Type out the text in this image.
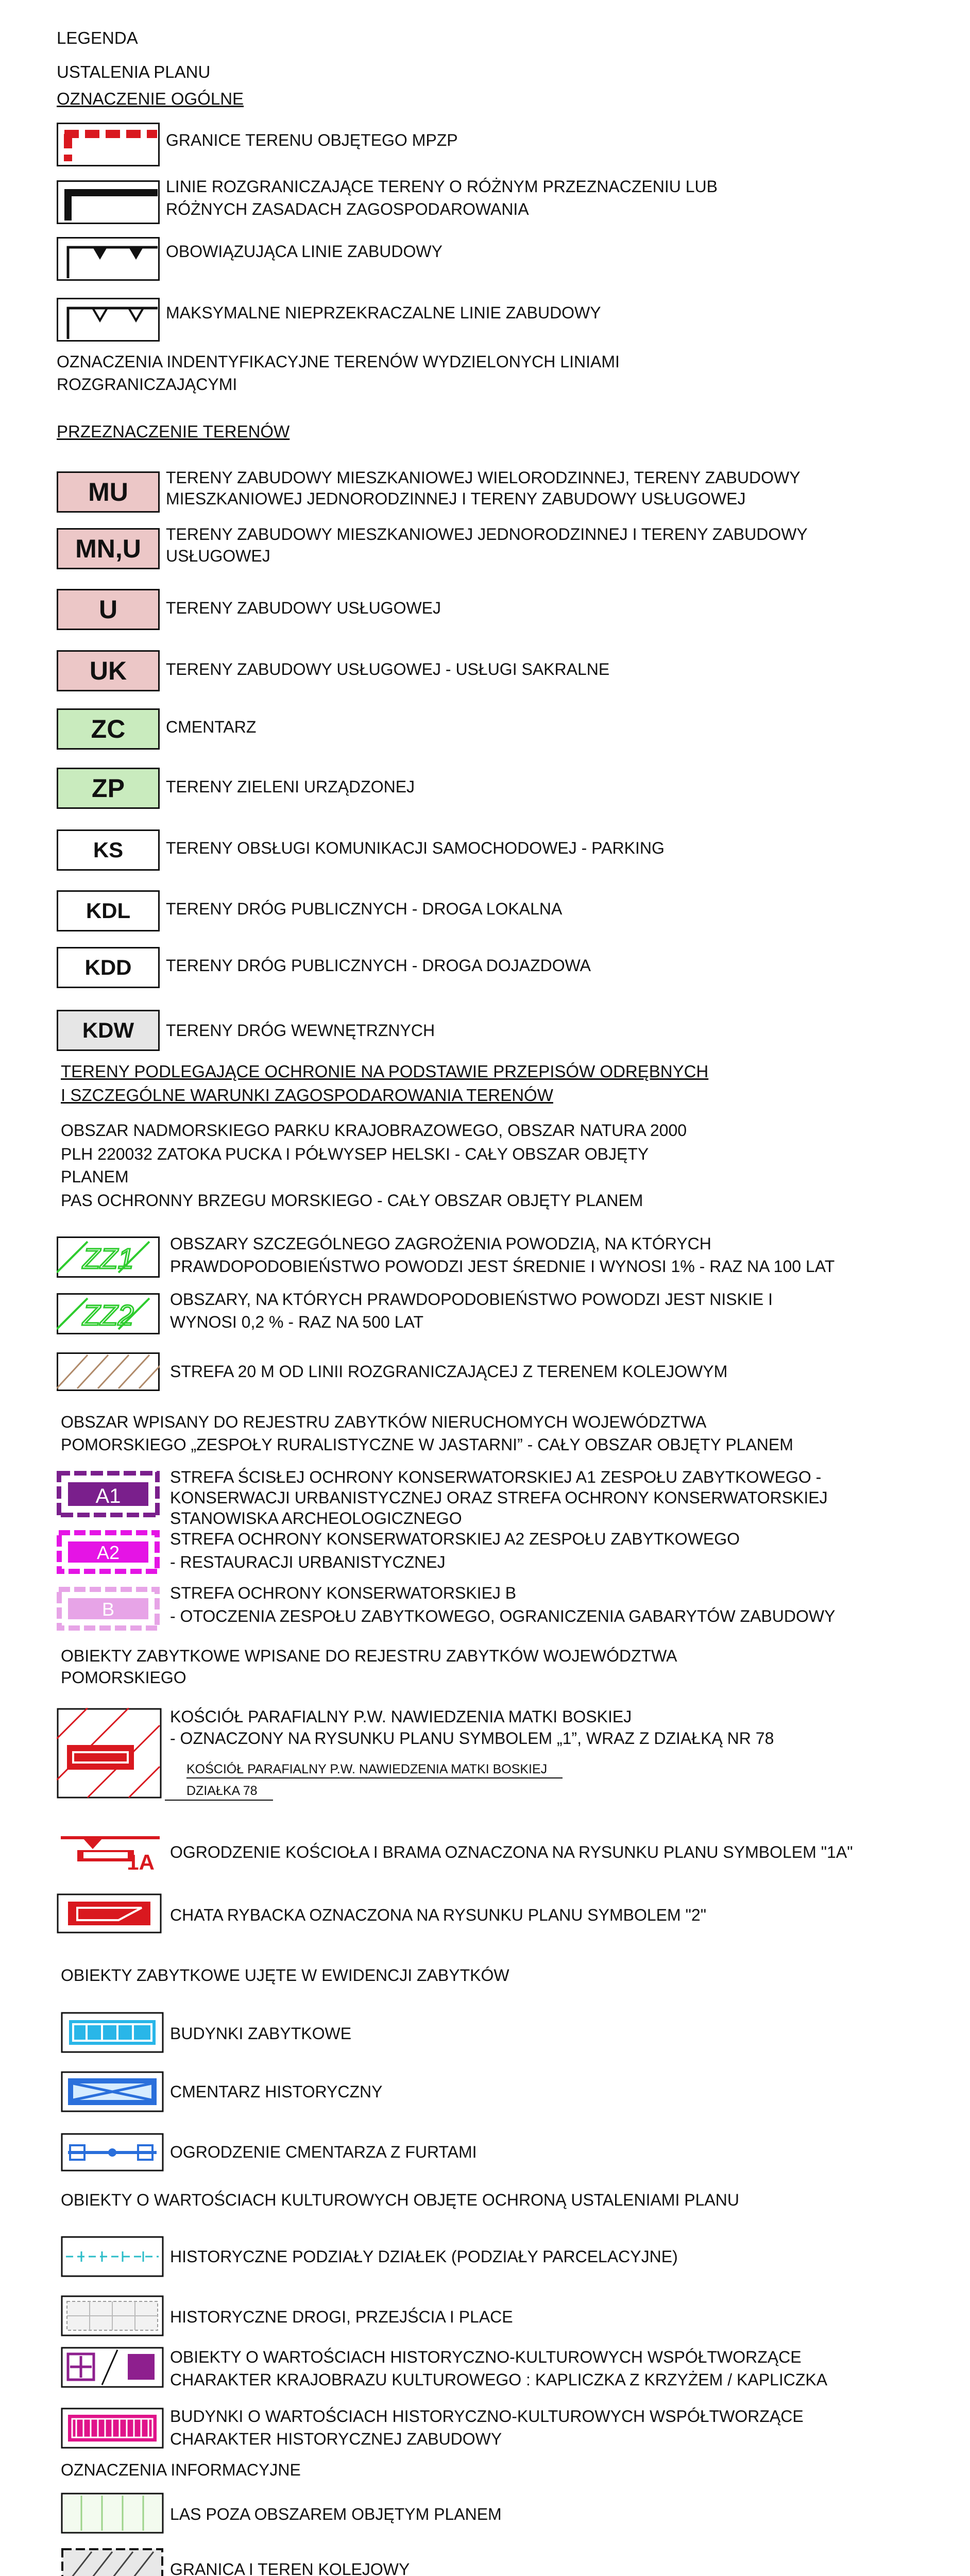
LEGENDA
USTALENIA PLANU
OZNACZENIE OGÓLNE
GRANICE TERENU OBJĘTEGO MPZP
LINIE ROZGRANICZAJĄCE TERENY O RÓŻNYM PRZEZNACZENIU LUB
RÓŻNYCH ZASADACH ZAGOSPODAROWANIA
OBOWIĄZUJĄCA LINIE ZABUDOWY
MAKSYMALNE NIEPRZEKRACZALNE LINIE ZABUDOWY
OZNACZENIA INDENTYFIKACYJNE TERENÓW WYDZIELONYCH LINIAMI
ROZGRANICZAJĄCYMI
PRZEZNACZENIE TERENÓW
MU	TERENY ZABUDOWY MIESZKANIOWEJ WIELORODZINNEJ, TERENY ZABUDOWY
MIESZKANIOWEJ JEDNORODZINNEJ I TERENY ZABUDOWY USŁUGOWEJ
MN,U	TERENY ZABUDOWY MIESZKANIOWEJ JEDNORODZINNEJ I TERENY ZABUDOWY
USŁUGOWEJ
U	TERENY ZABUDOWY USŁUGOWEJ
UK	TERENY ZABUDOWY USŁUGOWEJ - USŁUGI SAKRALNE
ZC	CMENTARZ
ZP	TERENY ZIELENI URZĄDZONEJ
KS	TERENY OBSŁUGI KOMUNIKACJI SAMOCHODOWEJ - PARKING
KDL	TERENY DRÓG PUBLICZNYCH - DROGA LOKALNA
KDD	TERENY DRÓG PUBLICZNYCH - DROGA DOJAZDOWA
KDW	TERENY DRÓG WEWNĘTRZNYCH
TERENY PODLEGAJĄCE OCHRONIE NA PODSTAWIE PRZEPISÓW ODRĘBNYCH
I SZCZEGÓLNE WARUNKI ZAGOSPODAROWANIA TERENÓW
OBSZAR NADMORSKIEGO PARKU KRAJOBRAZOWEGO, OBSZAR NATURA 2000
PLH 220032 ZATOKA PUCKA I PÓŁWYSEP HELSKI - CAŁY OBSZAR OBJĘTY
PLANEM
PAS OCHRONNY BRZEGU MORSKIEGO - CAŁY OBSZAR OBJĘTY PLANEM
ZZ1 OBSZARY SZCZEGÓLNEGO ZAGROŻENIA POWODZIĄ, NA KTÓRYCH
PRAWDOPODOBIEŃSTWO POWODZI JEST ŚREDNIE I WYNOSI 1% - RAZ NA 100 LAT
ZZ2 OBSZARY, NA KTÓRYCH PRAWDOPODOBIEŃSTWO POWODZI JEST NISKIE I
WYNOSI 0,2 % - RAZ NA 500 LAT
STREFA 20 M OD LINII ROZGRANICZAJĄCEJ Z TERENEM KOLEJOWYM
OBSZAR WPISANY DO REJESTRU ZABYTKÓW NIERUCHOMYCH WOJEWÓDZTWA
POMORSKIEGO „ZESPOŁY RURALISTYCZNE W JASTARNI” - CAŁY OBSZAR OBJĘTY PLANEM
A1
STREFA ŚCISŁEJ OCHRONY KONSERWATORSKIEJ A1 ZESPOŁU ZABYTKOWEGO -
KONSERWACJI URBANISTYCZNEJ ORAZ STREFA OCHRONY KONSERWATORSKIEJ
STANOWISKA ARCHEOLOGICZNEGO
A2
STREFA OCHRONY KONSERWATORSKIEJ A2 ZESPOŁU ZABYTKOWEGO
- RESTAURACJI URBANISTYCZNEJ
B
STREFA OCHRONY KONSERWATORSKIEJ B
- OTOCZENIA ZESPOŁU ZABYTKOWEGO, OGRANICZENIA GABARYTÓW ZABUDOWY
OBIEKTY ZABYTKOWE WPISANE DO REJESTRU ZABYTKÓW WOJEWÓDZTWA
POMORSKIEGO
KOŚCIÓŁ PARAFIALNY P.W. NAWIEDZENIA MATKI BOSKIEJ
- OZNACZONY NA RYSUNKU PLANU SYMBOLEM „1”, WRAZ Z DZIAŁKĄ NR 78
KOŚCIÓŁ PARAFIALNY P.W. NAWIEDZENIA MATKI BOSKIEJ
DZIAŁKA 78
1A OGRODZENIE KOŚCIOŁA I BRAMA OZNACZONA NA RYSUNKU PLANU SYMBOLEM "1A"
CHATA RYBACKA OZNACZONA NA RYSUNKU PLANU SYMBOLEM "2"
OBIEKTY ZABYTKOWE UJĘTE W EWIDENCJI ZABYTKÓW
BUDYNKI ZABYTKOWE
CMENTARZ HISTORYCZNY
OGRODZENIE CMENTARZA Z FURTAMI
OBIEKTY O WARTOŚCIACH KULTUROWYCH OBJĘTE OCHRONĄ USTALENIAMI PLANU
HISTORYCZNE PODZIAŁY DZIAŁEK (PODZIAŁY PARCELACYJNE)
HISTORYCZNE DROGI, PRZEJŚCIA I PLACE
OBIEKTY O WARTOŚCIACH HISTORYCZNO-KULTUROWYCH WSPÓŁTWORZĄCE
CHARAKTER KRAJOBRAZU KULTUROWEGO : KAPLICZKA Z KRZYŻEM / KAPLICZKA
BUDYNKI O WARTOŚCIACH HISTORYCZNO-KULTUROWYCH WSPÓŁTWORZĄCE
CHARAKTER HISTORYCZNEJ ZABUDOWY
OZNACZENIA INFORMACYJNE
LAS POZA OBSZAREM OBJĘTYM PLANEM
GRANICA I TEREN KOLEJOWY
